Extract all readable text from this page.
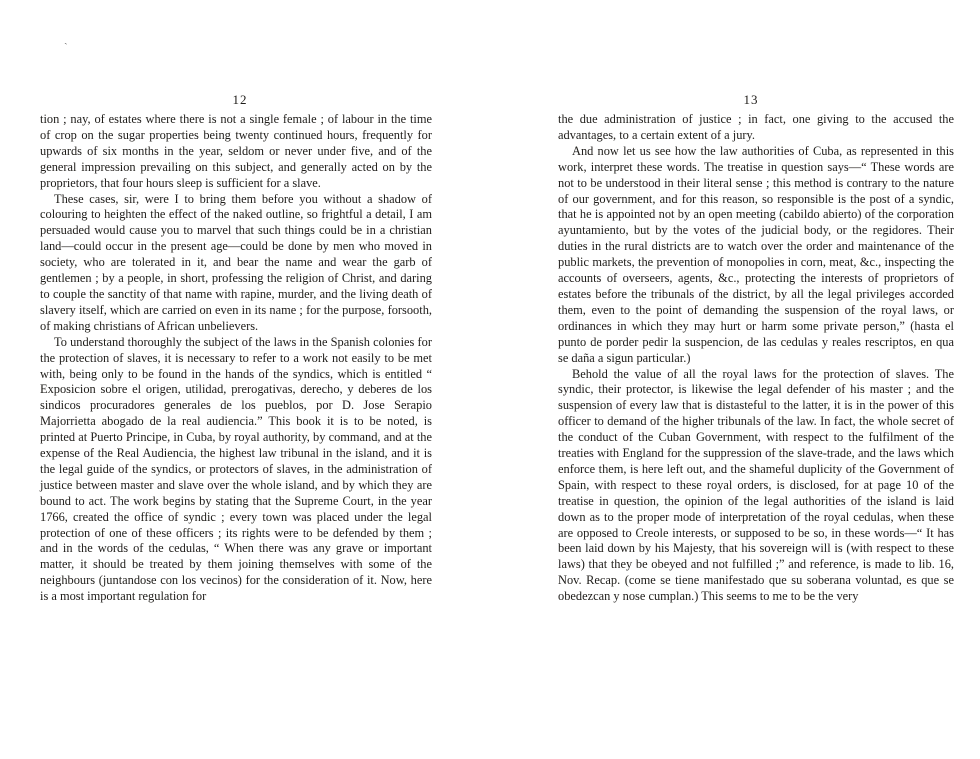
ˎ
12

tion ; nay, of estates where there is not a single female ; of labour in the time of crop on the sugar properties being twenty continued hours, frequently for upwards of six months in the year, seldom or never under five, and of the general impression prevailing on this subject, and generally acted on by the proprietors, that four hours sleep is sufficient for a slave.

These cases, sir, were I to bring them before you without a shadow of colouring to heighten the effect of the naked outline, so frightful a detail, I am persuaded would cause you to marvel that such things could be in a christian land—could occur in the present age—could be done by men who moved in society, who are tolerated in it, and bear the name and wear the garb of gentlemen ; by a people, in short, professing the religion of Christ, and daring to couple the sanctity of that name with rapine, murder, and the living death of slavery itself, which are carried on even in its name ; for the purpose, forsooth, of making christians of African unbelievers.

To understand thoroughly the subject of the laws in the Spanish colonies for the protection of slaves, it is necessary to refer to a work not easily to be met with, being only to be found in the hands of the syndics, which is entitled “ Exposicion sobre el origen, utilidad, prerogativas, derecho, y deberes de los sindicos procuradores generales de los pueblos, por D. Jose Serapio Majorrietta abogado de la real audiencia.” This book it is to be noted, is printed at Puerto Principe, in Cuba, by royal authority, by command, and at the expense of the Real Audiencia, the highest law tribunal in the island, and it is the legal guide of the syndics, or protectors of slaves, in the administration of justice between master and slave over the whole island, and by which they are bound to act. The work begins by stating that the Supreme Court, in the year 1766, created the office of syndic ; every town was placed under the legal protection of one of these officers ; its rights were to be defended by them ; and in the words of the cedulas, “ When there was any grave or important matter, it should be treated by them joining themselves with some of the neighbours (juntandose con los vecinos) for the consideration of it. Now, here is a most important regulation for

13

the due administration of justice ; in fact, one giving to the accused the advantages, to a certain extent of a jury.

And now let us see how the law authorities of Cuba, as represented in this work, interpret these words. The treatise in question says—“ These words are not to be understood in their literal sense ; this method is contrary to the nature of our government, and for this reason, so responsible is the post of a syndic, that he is appointed not by an open meeting (cabildo abierto) of the corporation ayuntamiento, but by the votes of the judicial body, or the regidores. Their duties in the rural districts are to watch over the order and maintenance of the public markets, the prevention of monopolies in corn, meat, &c., inspecting the accounts of overseers, agents, &c., protecting the interests of proprietors of estates before the tribunals of the district, by all the legal privileges accorded them, even to the point of demanding the suspension of the royal laws, or ordinances in which they may hurt or harm some private person,” (hasta el punto de porder pedir la suspencion, de las cedulas y reales rescriptos, en qua se daña a sigun particular.)

Behold the value of all the royal laws for the protection of slaves. The syndic, their protector, is likewise the legal defender of his master ; and the suspension of every law that is distasteful to the latter, it is in the power of this officer to demand of the higher tribunals of the law. In fact, the whole secret of the conduct of the Cuban Government, with respect to the fulfilment of the treaties with England for the suppression of the slave-trade, and the laws which enforce them, is here left out, and the shameful duplicity of the Government of Spain, with respect to these royal orders, is disclosed, for at page 10 of the treatise in question, the opinion of the legal authorities of the island is laid down as to the proper mode of interpretation of the royal cedulas, when these are opposed to Creole interests, or supposed to be so, in these words—“ It has been laid down by his Majesty, that his sovereign will is (with respect to these laws) that they be obeyed and not fulfilled ;” and reference, is made to lib. 16, Nov. Recap. (come se tiene manifestado que su soberana voluntad, es que se obedezcan y nose cumplan.) This seems to me to be the very
